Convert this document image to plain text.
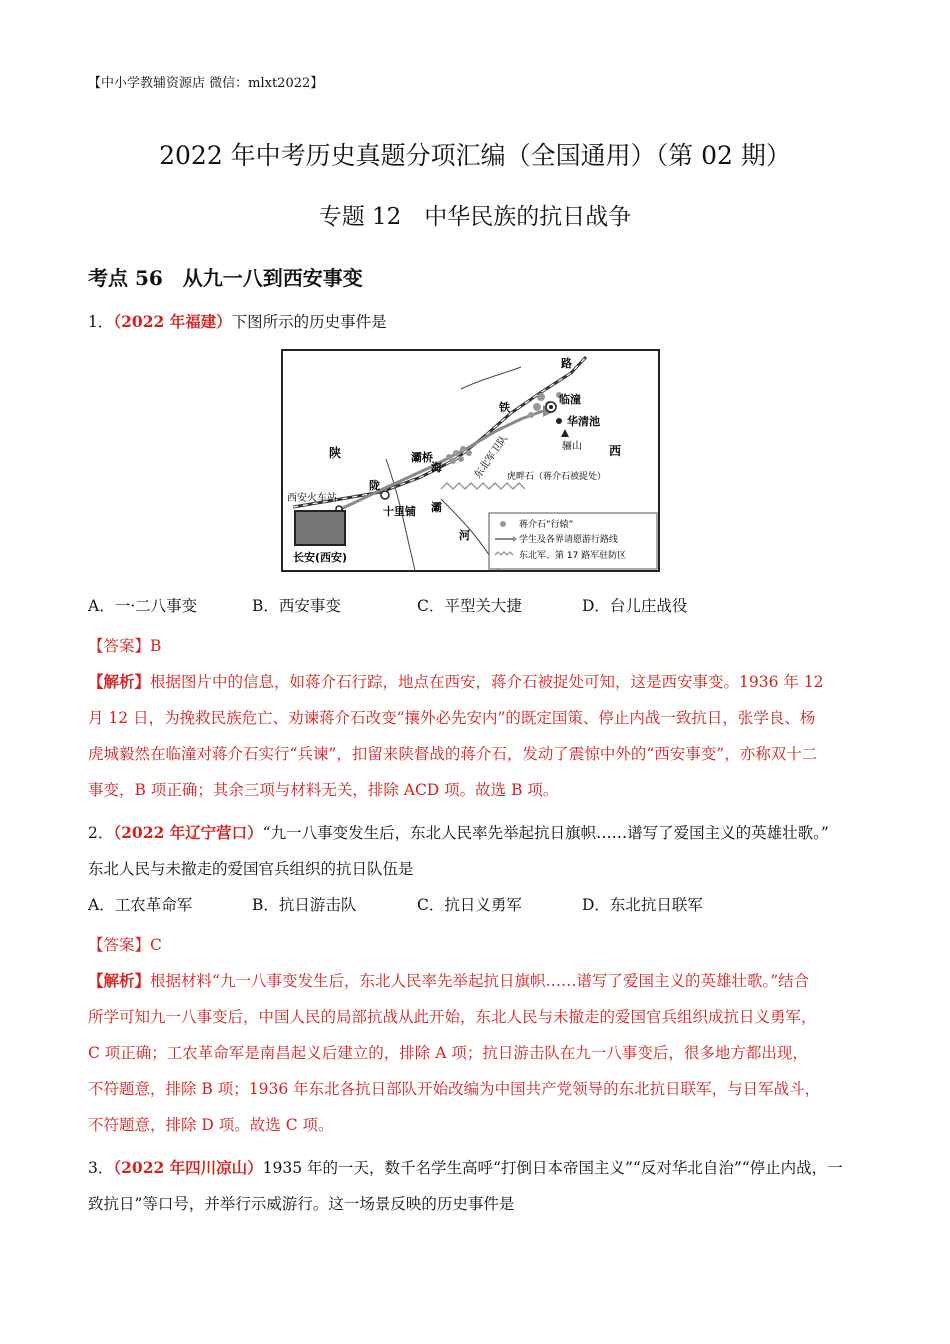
【中小学教辅资源店 微信：mlxt2022】
2022 年中考历史真题分项汇编（全国通用）（第 02 期）
专题 12　中华民族的抗日战争
考点 56　从九一八到西安事变
1．（2022 年福建）下图所示的历史事件是
陕	西
陇
海
铁
路
临潼
华清池
骊山
灞桥
灞
河
东北军卫队
虎畔石（蒋介石被捉处）
西安火车站
十里铺
长安(西安)
蒋介石“行辕”
学生及各界请愿游行路线
东北军、第 17 路军驻防区
A．一·二八事变	B．西安事变	C．平型关大捷	D．台儿庄战役
【答案】B
【解析】根据图片中的信息，如蒋介石行踪，地点在西安，蒋介石被捉处可知，这是西安事变。1936 年 12
月 12 日，为挽救民族危亡、劝谏蒋介石改变“攘外必先安内”的既定国策、停止内战一致抗日，张学良、杨
虎城毅然在临潼对蒋介石实行“兵谏”，扣留来陕督战的蒋介石，发动了震惊中外的“西安事变”，亦称双十二
事变，B 项正确；其余三项与材料无关，排除 ACD 项。故选 B 项。
2．（2022 年辽宁营口）“九一八事变发生后，东北人民率先举起抗日旗帜……谱写了爱国主义的英雄壮歌。”
东北人民与未撤走的爱国官兵组织的抗日队伍是
A．工农革命军	B．抗日游击队	C．抗日义勇军	D．东北抗日联军
【答案】C
【解析】根据材料“九一八事变发生后，东北人民率先举起抗日旗帜……谱写了爱国主义的英雄壮歌。”结合
所学可知九一八事变后，中国人民的局部抗战从此开始，东北人民与未撤走的爱国官兵组织成抗日义勇军，
C 项正确；工农革命军是南昌起义后建立的，排除 A 项；抗日游击队在九一八事变后，很多地方都出现，
不符题意，排除 B 项；1936 年东北各抗日部队开始改编为中国共产党领导的东北抗日联军，与日军战斗，
不符题意，排除 D 项。故选 C 项。
3．（2022 年四川凉山）1935 年的一天，数千名学生高呼“打倒日本帝国主义”“反对华北自治”“停止内战，一
致抗日”等口号，并举行示威游行。这一场景反映的历史事件是
